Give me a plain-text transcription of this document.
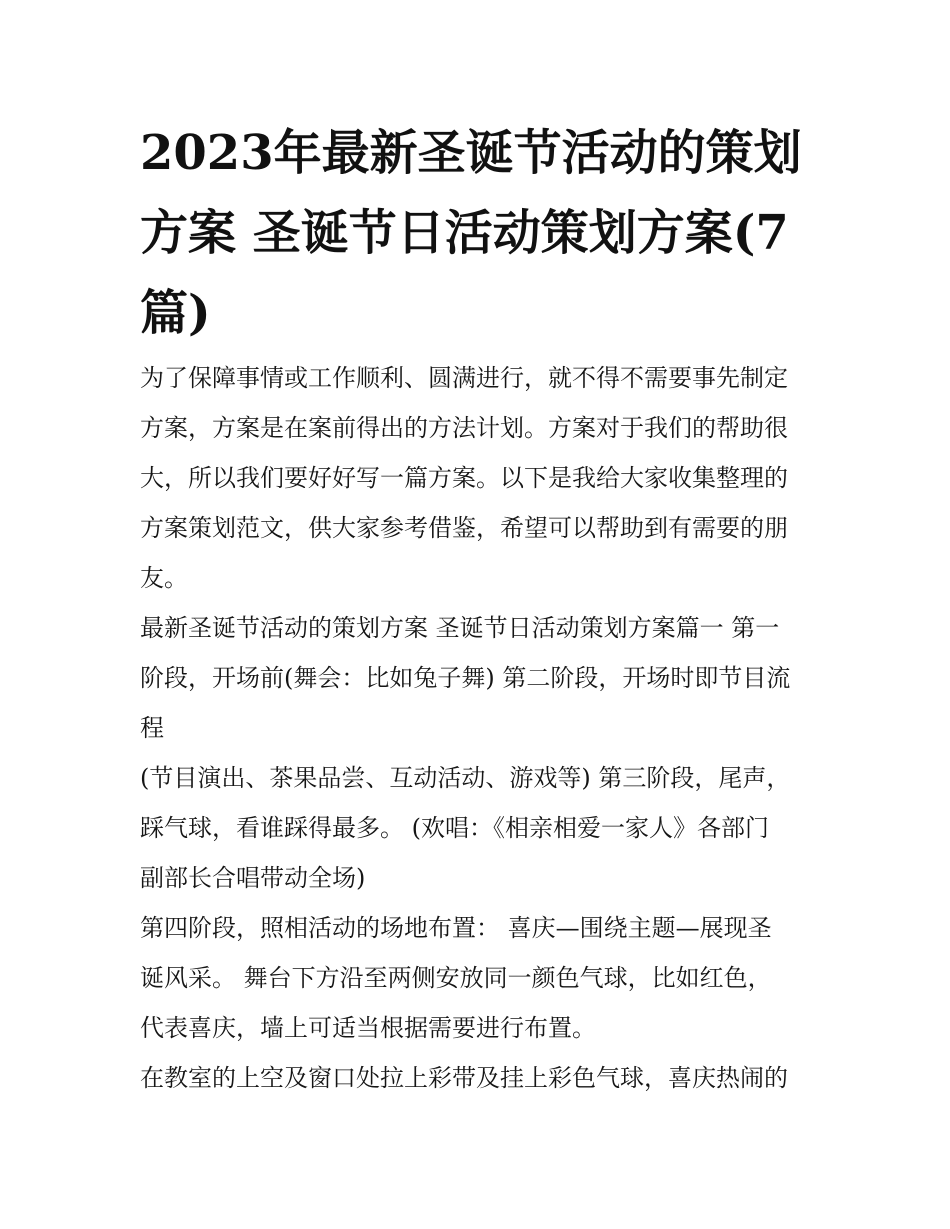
2023年最新圣诞节活动的策划
方案 圣诞节日活动策划方案(7
篇)

为了保障事情或工作顺利、圆满进行，就不得不需要事先制定
方案，方案是在案前得出的方法计划。方案对于我们的帮助很
大，所以我们要好好写一篇方案。以下是我给大家收集整理的
方案策划范文，供大家参考借鉴，希望可以帮助到有需要的朋
友。

最新圣诞节活动的策划方案 圣诞节日活动策划方案篇一 第一
阶段，开场前(舞会：比如兔子舞) 第二阶段，开场时即节目流
程

(节目演出、茶果品尝、互动活动、游戏等) 第三阶段，尾声，
踩气球，看谁踩得最多。 (欢唱：《相亲相爱一家人》各部门
副部长合唱带动全场)

第四阶段，照相活动的场地布置： 喜庆—围绕主题—展现圣
诞风采。 舞台下方沿至两侧安放同一颜色气球，比如红色，
代表喜庆，墙上可适当根据需要进行布置。

在教室的上空及窗口处拉上彩带及挂上彩色气球，喜庆热闹的
